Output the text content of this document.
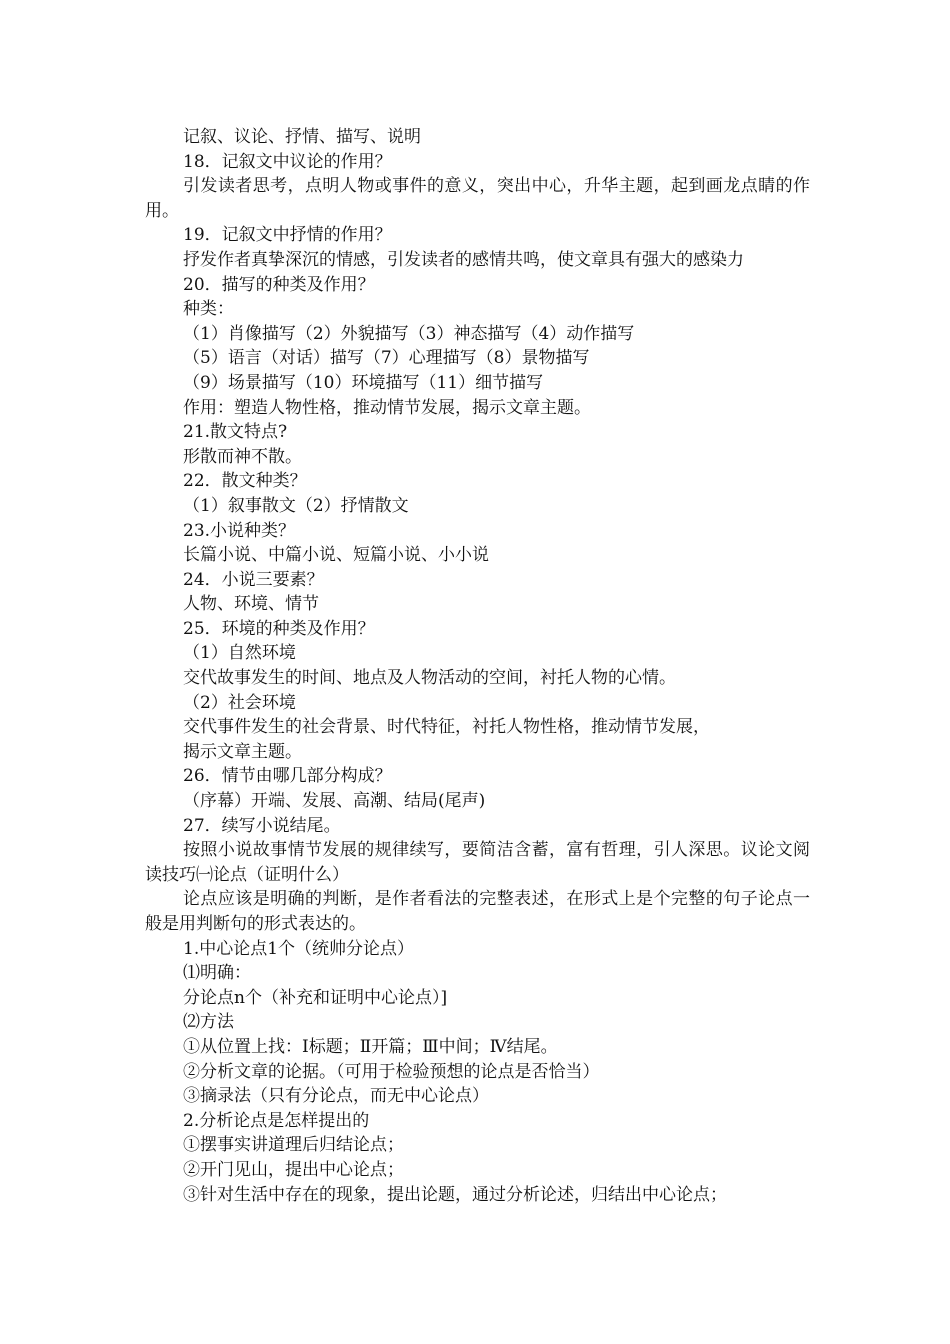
记叙、议论、抒情、描写、说明

18．记叙文中议论的作用？

引发读者思考，点明人物或事件的意义，突出中心，升华主题，起到画龙点睛的作用。

19．记叙文中抒情的作用？

抒发作者真挚深沉的情感，引发读者的感情共鸣，使文章具有强大的感染力

20．描写的种类及作用？

种类：

（1）肖像描写（2）外貌描写（3）神态描写（4）动作描写

（5）语言（对话）描写（7）心理描写（8）景物描写

（9）场景描写（10）环境描写（11）细节描写

作用：塑造人物性格，推动情节发展，揭示文章主题。

21.散文特点?

形散而神不散。

22．散文种类？

（1）叙事散文（2）抒情散文

23.小说种类？

长篇小说、中篇小说、短篇小说、小小说

24．小说三要素？

人物、环境、情节

25．环境的种类及作用？

（1）自然环境

交代故事发生的时间、地点及人物活动的空间，衬托人物的心情。

（2）社会环境

交代事件发生的社会背景、时代特征，衬托人物性格，推动情节发展，

揭示文章主题。

26．情节由哪几部分构成？

（序幕）开端、发展、高潮、结局(尾声)

27．续写小说结尾。

按照小说故事情节发展的规律续写，要简洁含蓄，富有哲理，引人深思。议论文阅读技巧㈠论点（证明什么）

论点应该是明确的判断，是作者看法的完整表述，在形式上是个完整的句子论点一般是用判断句的形式表达的。

1.中心论点1个（统帅分论点）

⑴明确：

分论点n个（补充和证明中心论点）]

⑵方法

①从位置上找：Ⅰ标题；Ⅱ开篇；Ⅲ中间；Ⅳ结尾。

②分析文章的论据。（可用于检验预想的论点是否恰当）

③摘录法（只有分论点，而无中心论点）

2.分析论点是怎样提出的

①摆事实讲道理后归结论点；

②开门见山，提出中心论点；

③针对生活中存在的现象，提出论题，通过分析论述，归结出中心论点；
